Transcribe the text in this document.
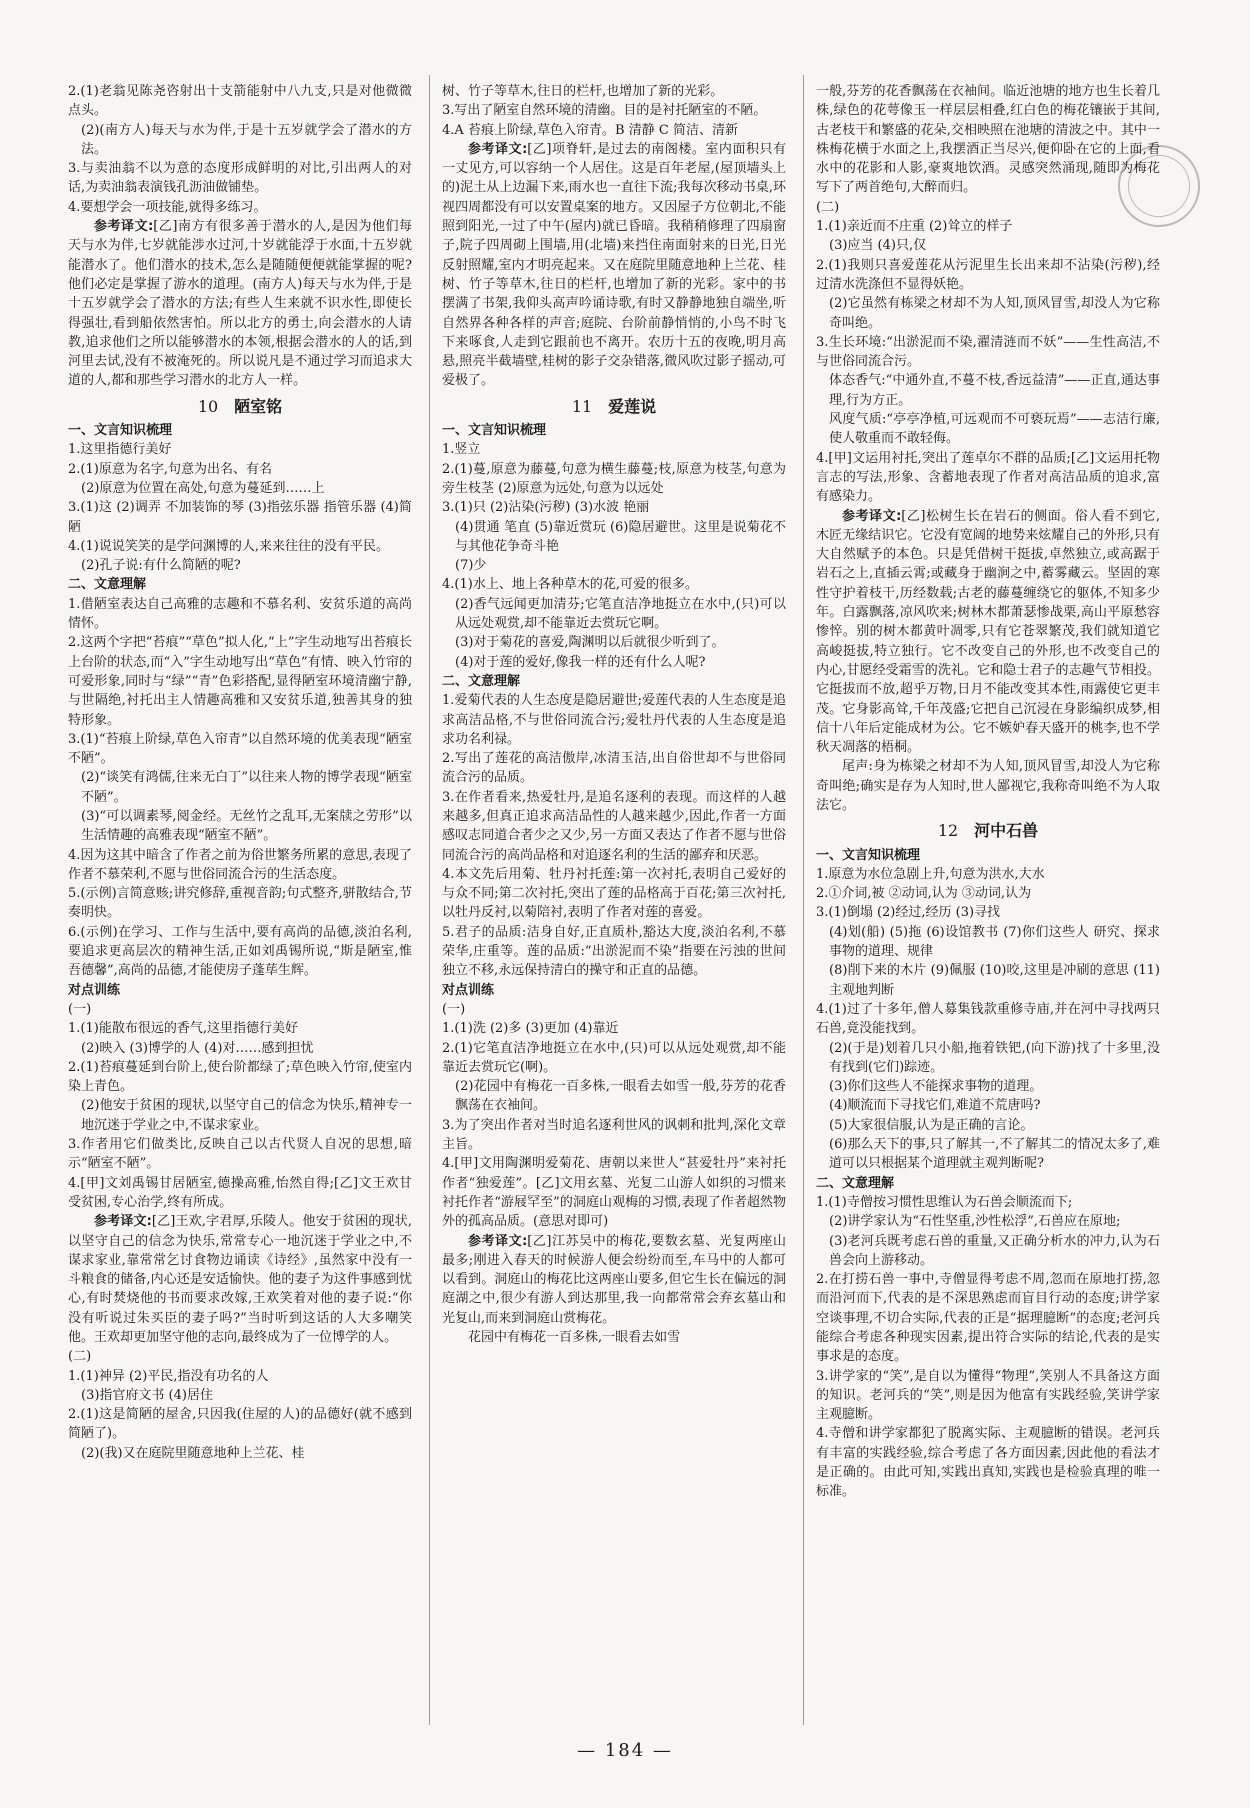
2.(1)老翁见陈尧咨射出十支箭能射中八九支,只是对他微微点头。

(2)(南方人)每天与水为伴,于是十五岁就学会了潜水的方法。

3.与卖油翁不以为意的态度形成鲜明的对比,引出两人的对话,为卖油翁表演钱孔沥油做铺垫。

4.要想学会一项技能,就得多练习。

参考译文:[乙]南方有很多善于潜水的人,是因为他们每天与水为伴,七岁就能涉水过河,十岁就能浮于水面,十五岁就能潜水了。他们潜水的技术,怎么是随随便便就能掌握的呢?他们必定是掌握了游水的道理。(南方人)每天与水为伴,于是十五岁就学会了潜水的方法;有些人生来就不识水性,即使长得强壮,看到船依然害怕。所以北方的勇士,向会潜水的人请教,追求他们之所以能够潜水的本领,根据会潜水的人的话,到河里去试,没有不被淹死的。所以说凡是不通过学习而追求大道的人,都和那些学习潜水的北方人一样。

10 陋室铭

一、文言知识梳理

1.这里指德行美好

2.(1)原意为名字,句意为出名、有名

(2)原意为位置在高处,句意为蔓延到……上

3.(1)这 (2)调弄 不加装饰的琴 (3)指弦乐器 指管乐器 (4)简陋

4.(1)说说笑笑的是学问渊博的人,来来往往的没有平民。

(2)孔子说:有什么简陋的呢?

二、文意理解

1.借陋室表达自己高雅的志趣和不慕名利、安贫乐道的高尚情怀。

2.这两个字把“苔痕”“草色”拟人化,“上”字生动地写出苔痕长上台阶的状态,而“入”字生动地写出“草色”有情、映入竹帘的可爱形象,同时与“绿”“青”色彩搭配,显得陋室环境清幽宁静,与世隔绝,衬托出主人情趣高雅和又安贫乐道,独善其身的独特形象。

3.(1)“苔痕上阶绿,草色入帘青”以自然环境的优美表现“陋室不陋”。

(2)“谈笑有鸿儒,往来无白丁”以往来人物的博学表现“陋室不陋”。

(3)“可以调素琴,阅金经。无丝竹之乱耳,无案牍之劳形”以生活情趣的高雅表现“陋室不陋”。

4.因为这其中暗含了作者之前为俗世繁务所累的意思,表现了作者不慕荣利,不愿与世俗同流合污的生活态度。

5.(示例)言简意赅;讲究修辞,重视音韵;句式整齐,骈散结合,节奏明快。

6.(示例)在学习、工作与生活中,要有高尚的品德,淡泊名利,要追求更高层次的精神生活,正如刘禹锡所说,“斯是陋室,惟吾德馨”,高尚的品德,才能使房子蓬荜生辉。

对点训练

(一)

1.(1)能散布很远的香气,这里指德行美好

(2)映入 (3)博学的人 (4)对……感到担忧

2.(1)苔痕蔓延到台阶上,使台阶都绿了;草色映入竹帘,使室内染上青色。

(2)他安于贫困的现状,以坚守自己的信念为快乐,精神专一地沉迷于学业之中,不谋求家业。

3.作者用它们做类比,反映自己以古代贤人自况的思想,暗示“陋室不陋”。

4.[甲]文刘禹锡甘居陋室,德操高雅,怡然自得;[乙]文王欢甘受贫困,专心治学,终有所成。

参考译文:[乙]王欢,字君厚,乐陵人。他安于贫困的现状,以坚守自己的信念为快乐,常常专心一地沉迷于学业之中,不谋求家业,靠常常乞讨食物边诵读《诗经》,虽然家中没有一斗粮食的储备,内心还是安适愉快。他的妻子为这件事感到忧心,有时焚烧他的书而要求改嫁,王欢笑着对他的妻子说:“你没有听说过朱买臣的妻子吗?”当时听到这话的人大多嘲笑他。王欢却更加坚守他的志向,最终成为了一位博学的人。

(二)

1.(1)神异 (2)平民,指没有功名的人

(3)指官府文书 (4)居住

2.(1)这是简陋的屋舍,只因我(住屋的人)的品德好(就不感到简陋了)。

(2)(我)又在庭院里随意地种上兰花、桂

树、竹子等草木,往日的栏杆,也增加了新的光彩。

3.写出了陋室自然环境的清幽。目的是衬托陋室的不陋。

4.A 苔痕上阶绿,草色入帘青。B 清静 C 简洁、清新

参考译文:[乙]项脊轩,是过去的南阁楼。室内面积只有一丈见方,可以容纳一个人居住。这是百年老屋,(屋顶墙头上的)泥土从上边漏下来,雨水也一直往下流;我每次移动书桌,环视四周都没有可以安置桌案的地方。又因屋子方位朝北,不能照到阳光,一过了中午(屋内)就已昏暗。我稍稍修理了四扇窗子,院子四周砌上围墙,用(北墙)来挡住南面射来的日光,日光反射照耀,室内才明亮起来。又在庭院里随意地种上兰花、桂树、竹子等草木,往日的栏杆,也增加了新的光彩。家中的书摆满了书架,我仰头高声吟诵诗歌,有时又静静地独自端坐,听自然界各种各样的声音;庭院、台阶前静悄悄的,小鸟不时飞下来啄食,人走到它跟前也不离开。农历十五的夜晚,明月高悬,照亮半截墙壁,桂树的影子交杂错落,微风吹过影子摇动,可爱极了。

11 爱莲说

一、文言知识梳理

1.竖立

2.(1)蔓,原意为藤蔓,句意为横生藤蔓;枝,原意为枝茎,句意为旁生枝茎 (2)原意为远处,句意为以远处

3.(1)只 (2)沾染(污秽) (3)水波 艳丽

(4)贯通 笔直 (5)靠近赏玩 (6)隐居避世。这里是说菊花不与其他花争奇斗艳

(7)少

4.(1)水上、地上各种草木的花,可爱的很多。

(2)香气远闻更加清芬;它笔直洁净地挺立在水中,(只)可以从远处观赏,却不能靠近去赏玩它啊。

(3)对于菊花的喜爱,陶渊明以后就很少听到了。

(4)对于莲的爱好,像我一样的还有什么人呢?

二、文意理解

1.爱菊代表的人生态度是隐居避世;爱莲代表的人生态度是追求高洁品格,不与世俗同流合污;爱牡丹代表的人生态度是追求功名利禄。

2.写出了莲花的高洁傲岸,冰清玉洁,出自俗世却不与世俗同流合污的品质。

3.在作者看来,热爱牡丹,是追名逐利的表现。而这样的人越来越多,但真正追求高洁品性的人越来越少,因此,作者一方面感叹志同道合者少之又少,另一方面又表达了作者不愿与世俗同流合污的高尚品格和对追逐名利的生活的鄙弃和厌恶。

4.本文先后用菊、牡丹衬托莲:第一次衬托,表明自己爱好的与众不同;第二次衬托,突出了莲的品格高于百花;第三次衬托,以牡丹反衬,以菊陪衬,表明了作者对莲的喜爱。

5.君子的品质:洁身自好,正直质朴,豁达大度,淡泊名利,不慕荣华,庄重等。莲的品质:“出淤泥而不染”指要在污浊的世间独立不移,永远保持清白的操守和正直的品德。

对点训练

(一)

1.(1)洗 (2)多 (3)更加 (4)靠近

2.(1)它笔直洁净地挺立在水中,(只)可以从远处观赏,却不能靠近去赏玩它(啊)。

(2)花园中有梅花一百多株,一眼看去如雪一般,芬芳的花香飘荡在衣袖间。

3.为了突出作者对当时追名逐利世风的讽刺和批判,深化文章主旨。

4.[甲]文用陶渊明爱菊花、唐朝以来世人“甚爱牡丹”来衬托作者“独爱莲”。[乙]文用玄墓、光复二山游人如织的习惯来衬托作者“游屐罕至”的洞庭山观梅的习惯,表现了作者超然物外的孤高品质。(意思对即可)

参考译文:[乙]江苏吴中的梅花,要数玄墓、光复两座山最多;刚进入春天的时候游人便会纷纷而至,车马中的人都可以看到。洞庭山的梅花比这两座山要多,但它生长在偏远的洞庭湖之中,很少有游人到达那里,我一向都常常会弃玄墓山和光复山,而来到洞庭山赏梅花。

花园中有梅花一百多株,一眼看去如雪

一般,芬芳的花香飘荡在衣袖间。临近池塘的地方也生长着几株,绿色的花萼像玉一样层层相叠,红白色的梅花镶嵌于其间,古老枝干和繁盛的花朵,交相映照在池塘的清波之中。其中一株梅花横于水面之上,我摆酒正当尽兴,便仰卧在它的上面,看水中的花影和人影,豪爽地饮酒。灵感突然涌现,随即为梅花写下了两首绝句,大醉而归。

(二)

1.(1)亲近而不庄重 (2)耸立的样子

(3)应当 (4)只,仅

2.(1)我则只喜爱莲花从污泥里生长出来却不沾染(污秽),经过清水洗涤但不显得妖艳。

(2)它虽然有栋梁之材却不为人知,顶风冒雪,却没人为它称奇叫绝。

3.生长环境:“出淤泥而不染,濯清涟而不妖”——生性高洁,不与世俗同流合污。

体态香气:“中通外直,不蔓不枝,香远益清”——正直,通达事理,行为方正。

风度气质:“亭亭净植,可远观而不可亵玩焉”——志洁行廉,使人敬重而不敢轻侮。

4.[甲]文运用衬托,突出了莲卓尔不群的品质;[乙]文运用托物言志的写法,形象、含蓄地表现了作者对高洁品质的追求,富有感染力。

参考译文:[乙]松树生长在岩石的侧面。俗人看不到它,木匠无缘结识它。它没有宽阔的地势来炫耀自己的外形,只有大自然赋予的本色。只是凭借树干挺拔,卓然独立,或高踞于岩石之上,直插云霄;或藏身于幽涧之中,蓄雾藏云。坚固的寒性守护着枝干,历经数载;古老的藤蔓缠绕它的躯体,不知多少年。白露飘落,凉风吹来;树林木都萧瑟惨战栗,高山平原愁容惨悴。别的树木都黄叶凋零,只有它苍翠繁茂,我们就知道它高峻挺拔,特立独行。它不改变自己的外形,也不改变自己的内心,甘愿经受霜雪的洗礼。它和隐士君子的志趣气节相投。它挺拔而不放,超乎万物,日月不能改变其本性,雨露使它更丰茂。它身影高耸,千年茂盛;它把自己沉浸在身影编织成梦,相信十八年后定能成材为公。它不嫉妒春天盛开的桃李,也不学秋天凋落的梧桐。

尾声:身为栋梁之材却不为人知,顶风冒雪,却没人为它称奇叫绝;确实是存为人知时,世人鄙视它,我称奇叫绝不为人取法它。

12 河中石兽

一、文言知识梳理

1.原意为水位急剧上升,句意为洪水,大水

2.①介词,被 ②动词,认为 ③动词,认为

3.(1)倒塌 (2)经过,经历 (3)寻找

(4)划(船) (5)拖 (6)设馆教书 (7)你们这些人 研究、探求 事物的道理、规律

(8)削下来的木片 (9)佩服 (10)咬,这里是冲刷的意思 (11)主观地判断

4.(1)过了十多年,僧人募集钱款重修寺庙,并在河中寻找两只石兽,竟没能找到。

(2)(于是)划着几只小船,拖着铁钯,(向下游)找了十多里,没有找到(它们)踪迹。

(3)你们这些人不能探求事物的道理。

(4)顺流而下寻找它们,难道不荒唐吗?

(5)大家很信服,认为是正确的言论。

(6)那么天下的事,只了解其一,不了解其二的情况太多了,难道可以只根据某个道理就主观判断呢?

二、文意理解

1.(1)寺僧按习惯性思维认为石兽会顺流而下;

(2)讲学家认为“石性坚重,沙性松浮”,石兽应在原地;

(3)老河兵既考虑石兽的重量,又正确分析水的冲力,认为石兽会向上游移动。

2.在打捞石兽一事中,寺僧显得考虑不周,忽而在原地打捞,忽而沿河而下,代表的是不深思熟虑而盲目行动的态度;讲学家空谈事理,不切合实际,代表的正是“据理臆断”的态度;老河兵能综合考虑各种现实因素,提出符合实际的结论,代表的是实事求是的态度。

3.讲学家的“笑”,是自以为懂得“物理”,笑别人不具备这方面的知识。老河兵的“笑”,则是因为他富有实践经验,笑讲学家主观臆断。

4.寺僧和讲学家都犯了脱离实际、主观臆断的错误。老河兵有丰富的实践经验,综合考虑了各方面因素,因此他的看法才是正确的。由此可知,实践出真知,实践也是检验真理的唯一标准。

— 184 —
